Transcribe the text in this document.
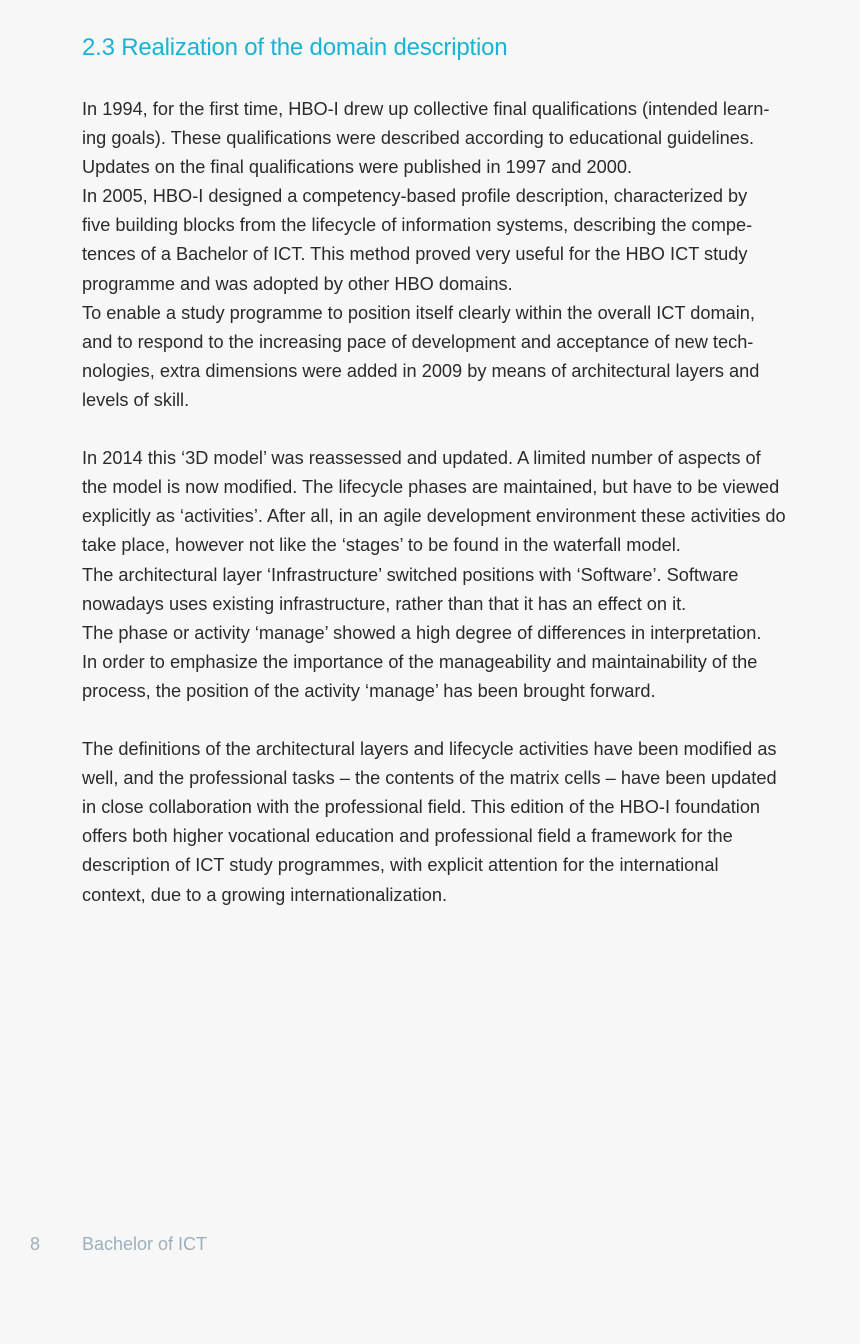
2.3 Realization of the domain description
In 1994, for the first time, HBO-I drew up collective final qualifications (intended learn-
ing goals). These qualifications were described according to educational guidelines.
Updates on the final qualifications were published in 1997 and 2000.
In 2005, HBO-I designed a competency-based profile description, characterized by
five building blocks from the lifecycle of information systems, describing the compe-
tences of a Bachelor of ICT. This method proved very useful for the HBO ICT study
programme and was adopted by other HBO domains.
To enable a study programme to position itself clearly within the overall ICT domain,
and to respond to the increasing pace of development and acceptance of new tech-
nologies, extra dimensions were added in 2009 by means of architectural layers and
levels of skill.
In 2014 this ‘3D model’ was reassessed and updated. A limited number of aspects of
the model is now modified. The lifecycle phases are maintained, but have to be viewed
explicitly as ‘activities’. After all, in an agile development environment these activities do
take place, however not like the ‘stages’ to be found in the waterfall model.
The architectural layer ‘Infrastructure’ switched positions with ‘Software’. Software
nowadays uses existing infrastructure, rather than that it has an effect on it.
The phase or activity ‘manage’ showed a high degree of differences in interpretation.
In order to emphasize the importance of the manageability and maintainability of the
process, the position of the activity ‘manage’ has been brought forward.
The definitions of the architectural layers and lifecycle activities have been modified as
well, and the professional tasks – the contents of the matrix cells – have been updated
in close collaboration with the professional field. This edition of the HBO-I foundation
offers both higher vocational education and professional field a framework for the
description of ICT study programmes, with explicit attention for the international
context, due to a growing internationalization.
8 Bachelor of ICT
